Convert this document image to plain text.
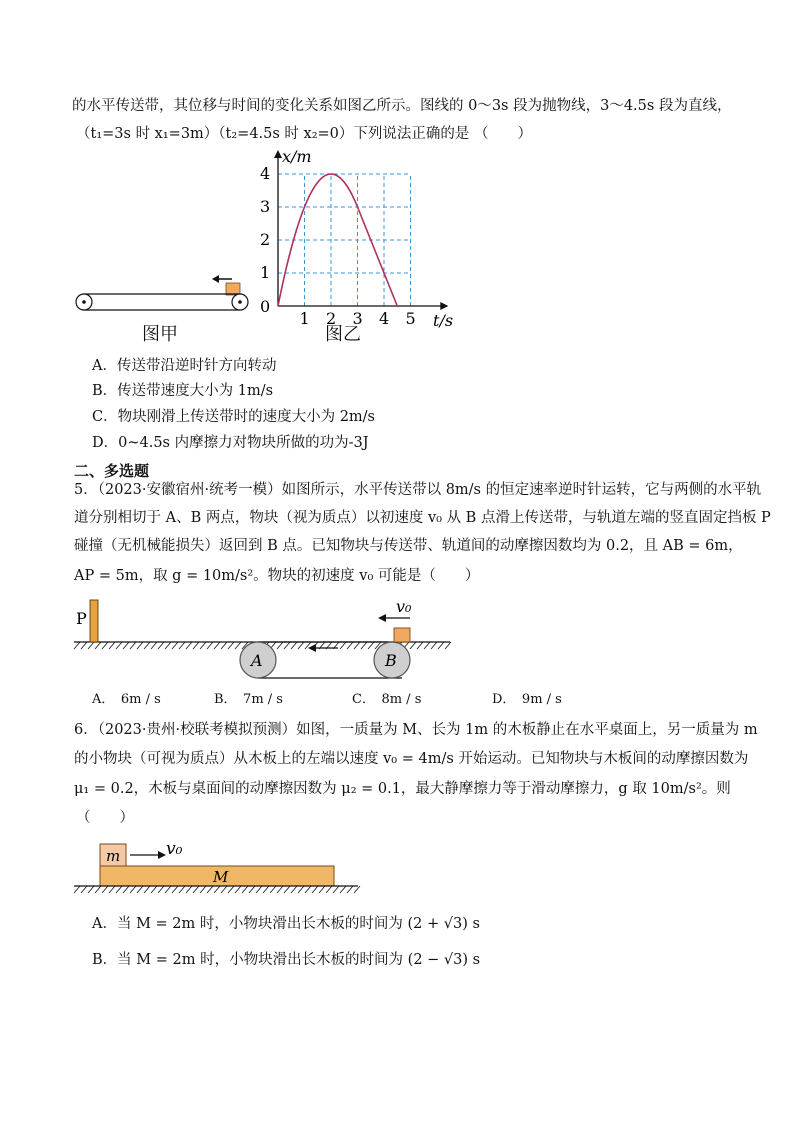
的水平传送带，其位移与时间的变化关系如图乙所示。图线的 0～3s 段为抛物线，3～4.5s 段为直线，
（t₁=3s 时 x₁=3m）（t₂=4.5s 时 x₂=0）下列说法正确的是 （　　）
图甲
1 2 3 4 5
1
2
3
4
0
t/s
x/m
图乙
A．传送带沿逆时针方向转动
B．传送带速度大小为 1m/s
C．物块刚滑上传送带时的速度大小为 2m/s
D．0~4.5s 内摩擦力对物块所做的功为-3J
二、多选题
5．（2023·安徽宿州·统考一模）如图所示，水平传送带以 8m/s 的恒定速率逆时针运转，它与两侧的水平轨
道分别相切于 A、B 两点，物块（视为质点）以初速度 v₀ 从 B 点滑上传送带，与轨道左端的竖直固定挡板 P
碰撞（无机械能损失）返回到 B 点。已知物块与传送带、轨道间的动摩擦因数均为 0.2，且 AB = 6m，
AP = 5m，取 g = 10m/s²。物块的初速度 v₀ 可能是（　　）
P
A	B
v₀
A．　6m / s	B．　7m / s	C．　8m / s	D．　9m / s
6．（2023·贵州·校联考模拟预测）如图，一质量为 M、长为 1m 的木板静止在水平桌面上，另一质量为 m
的小物块（可视为质点）从木板上的左端以速度 v₀ = 4m/s 开始运动。已知物块与木板间的动摩擦因数为
μ₁ = 0.2，木板与桌面间的动摩擦因数为 μ₂ = 0.1，最大静摩擦力等于滑动摩擦力，g 取 10m/s²。则
（　　）
m	v₀
M
A．当 M = 2m 时，小物块滑出长木板的时间为 (2 + √3) s
B．当 M = 2m 时，小物块滑出长木板的时间为 (2 − √3) s
